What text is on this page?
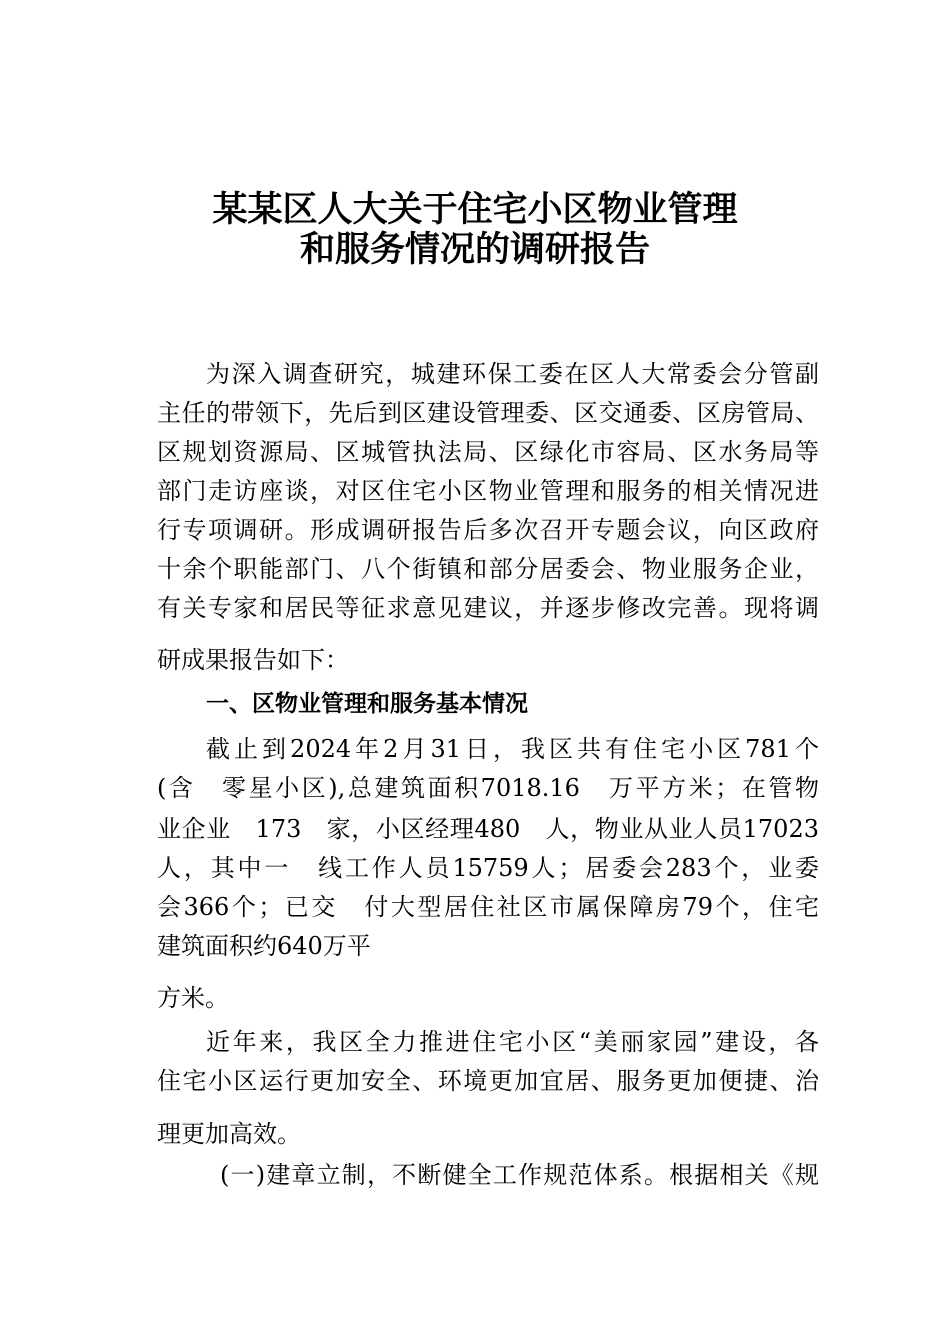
某某区人大关于住宅小区物业管理
和服务情况的调研报告
为深入调查研究，城建环保工委在区人大常委会分管副
主任的带领下，先后到区建设管理委、区交通委、区房管局、
区规划资源局、区城管执法局、区绿化市容局、区水务局等
部门走访座谈，对区住宅小区物业管理和服务的相关情况进
行专项调研。形成调研报告后多次召开专题会议，向区政府
十余个职能部门、八个街镇和部分居委会、物业服务企业，
有关专家和居民等征求意见建议，并逐步修改完善。现将调
研成果报告如下：
一、区物业管理和服务基本情况
截止到2024年2月31日，我区共有住宅小区781个
(含　零星小区),总建筑面积7018.16　万平方米；在管物
业企业　173　家，小区经理480　人，物业从业人员17023
人，其中一　线工作人员15759人；居委会283个，业委
会366个；已交　付大型居住社区市属保障房79个，住宅
建筑面积约640万平
方米。
近年来，我区全力推进住宅小区“美丽家园”建设，各
住宅小区运行更加安全、环境更加宜居、服务更加便捷、治
理更加高效。
(一)建章立制，不断健全工作规范体系。根据相关《规
